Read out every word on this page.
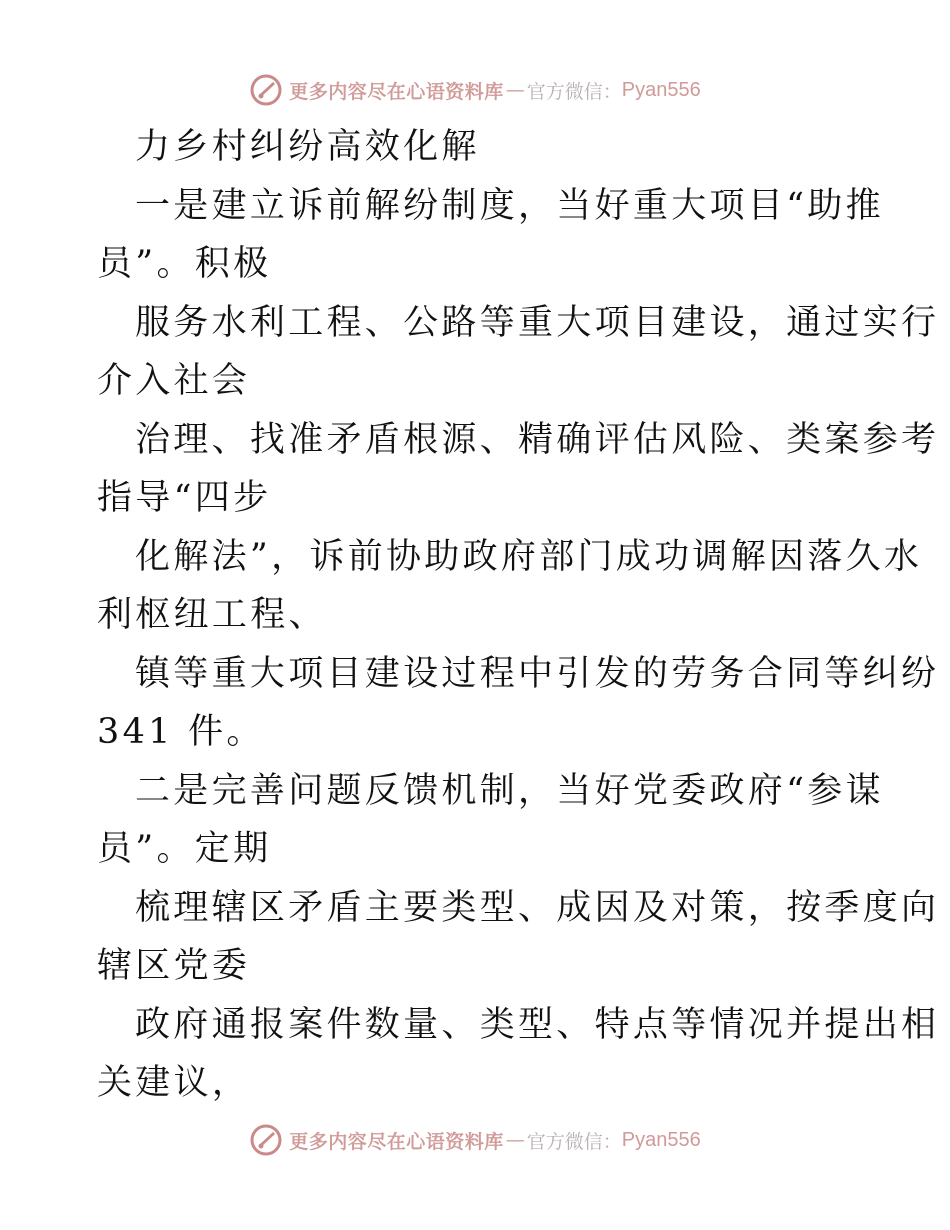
更多内容尽在心语资料库 — 官方微信： Pyan556
力乡村纠纷高效化解
一是建立诉前解纷制度，当好重大项目“助推
员”。积极
服务水利工程、公路等重大项目建设，通过实行
介入社会
治理、找准矛盾根源、精确评估风险、类案参考
指导“四步
化解法”，诉前协助政府部门成功调解因落久水
利枢纽工程、
镇等重大项目建设过程中引发的劳务合同等纠纷
341 件。
二是完善问题反馈机制，当好党委政府“参谋
员”。定期
梳理辖区矛盾主要类型、成因及对策，按季度向
辖区党委
政府通报案件数量、类型、特点等情况并提出相
关建议，
更多内容尽在心语资料库 — 官方微信： Pyan556
